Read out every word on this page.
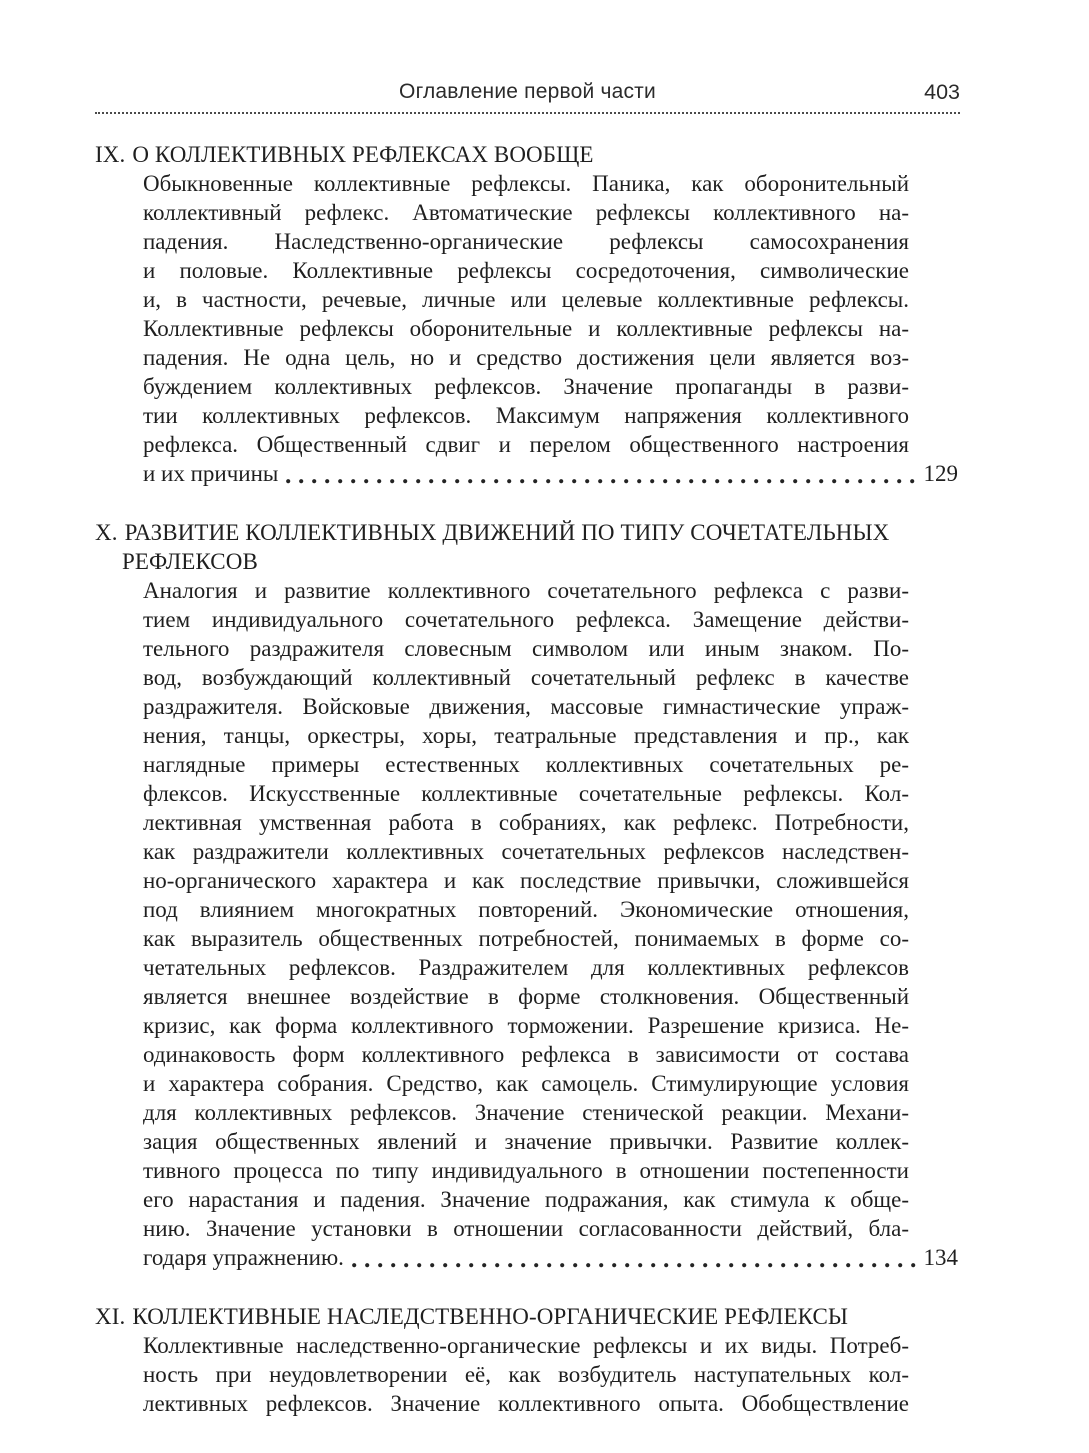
Оглавление первой части	403
IX. О КОЛЛЕКТИВНЫХ РЕФЛЕКСАХ ВООБЩЕ
Обыкновенные коллективные рефлексы. Паника, как оборонительный
коллективный рефлекс. Автоматические рефлексы коллективного на-
падения. Наследственно-органические рефлексы самосохранения
и половые. Коллективные рефлексы сосредоточения, символические
и, в частности, речевые, личные или целевые коллективные рефлексы.
Коллективные рефлексы оборонительные и коллективные рефлексы на-
падения. Не одна цель, но и средство достижения цели является воз-
буждением коллективных рефлексов. Значение пропаганды в разви-
тии коллективных рефлексов. Максимум напряжения коллективного
рефлекса. Общественный сдвиг и перелом общественного настроения
и их причины	129
X. РАЗВИТИЕ КОЛЛЕКТИВНЫХ ДВИЖЕНИЙ ПО ТИПУ СОЧЕТАТЕЛЬНЫХ
РЕФЛЕКСОВ
Аналогия и развитие коллективного сочетательного рефлекса с разви-
тием индивидуального сочетательного рефлекса. Замещение действи-
тельного раздражителя словесным символом или иным знаком. По-
вод, возбуждающий коллективный сочетательный рефлекс в качестве
раздражителя. Войсковые движения, массовые гимнастические упраж-
нения, танцы, оркестры, хоры, театральные представления и пр., как
наглядные примеры естественных коллективных сочетательных ре-
флексов. Искусственные коллективные сочетательные рефлексы. Кол-
лективная умственная работа в собраниях, как рефлекс. Потребности,
как раздражители коллективных сочетательных рефлексов наследствен-
но-органического характера и как последствие привычки, сложившейся
под влиянием многократных повторений. Экономические отношения,
как выразитель общественных потребностей, понимаемых в форме со-
четательных рефлексов. Раздражителем для коллективных рефлексов
является внешнее воздействие в форме столкновения. Общественный
кризис, как форма коллективного торможении. Разрешение кризиса. Не-
одинаковость форм коллективного рефлекса в зависимости от состава
и характера собрания. Средство, как самоцель. Стимулирующие условия
для коллективных рефлексов. Значение стенической реакции. Механи-
зация общественных явлений и значение привычки. Развитие коллек-
тивного процесса по типу индивидуального в отношении постепенности
его нарастания и падения. Значение подражания, как стимула к обще-
нию. Значение установки в отношении согласованности действий, бла-
годаря упражнению.	134
XI. КОЛЛЕКТИВНЫЕ НАСЛЕДСТВЕННО-ОРГАНИЧЕСКИЕ РЕФЛЕКСЫ
Коллективные наследственно-органические рефлексы и их виды. Потреб-
ность при неудовлетворении её, как возбудитель наступательных кол-
лективных рефлексов. Значение коллективного опыта. Обобществление
